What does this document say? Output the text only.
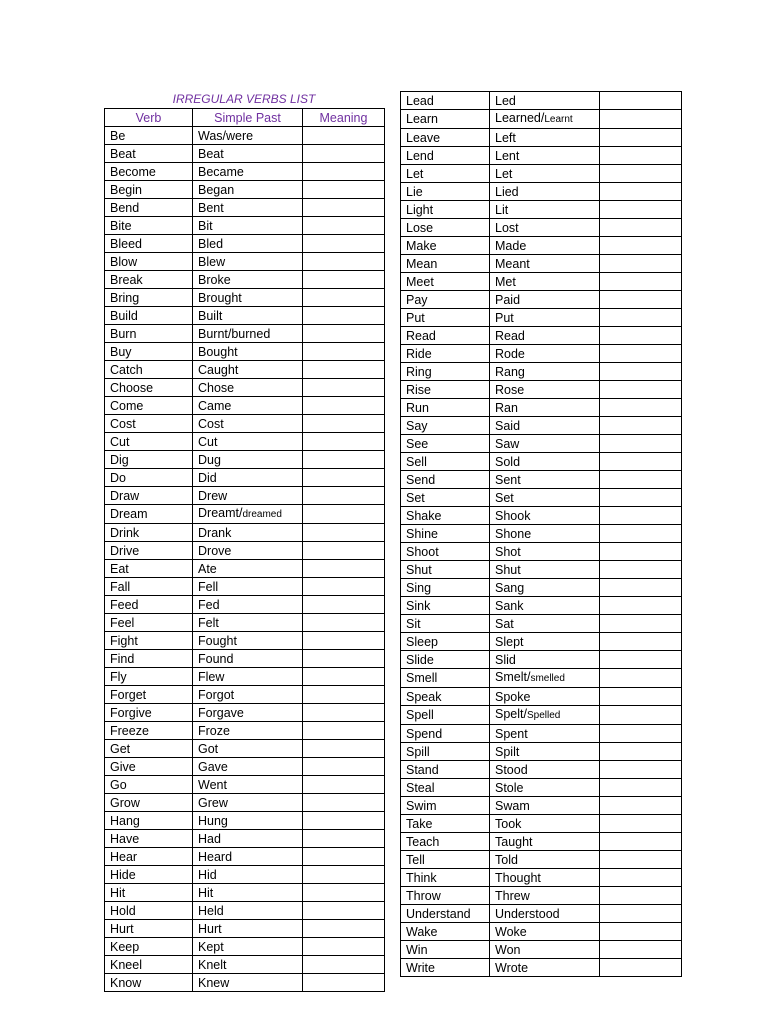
IRREGULAR VERBS LIST
Verb	Simple Past	Meaning
Be	Was/were	
Beat	Beat	
Become	Became	
Begin	Began	
Bend	Bent	
Bite	Bit	
Bleed	Bled	
Blow	Blew	
Break	Broke	
Bring	Brought	
Build	Built	
Burn	Burnt/burned	
Buy	Bought	
Catch	Caught	
Choose	Chose	
Come	Came	
Cost	Cost	
Cut	Cut	
Dig	Dug	
Do	Did	
Draw	Drew	
Dream	Dreamt/dreamed	
Drink	Drank	
Drive	Drove	
Eat	Ate	
Fall	Fell	
Feed	Fed	
Feel	Felt	
Fight	Fought	
Find	Found	
Fly	Flew	
Forget	Forgot	
Forgive	Forgave	
Freeze	Froze	
Get	Got	
Give	Gave	
Go	Went	
Grow	Grew	
Hang	Hung	
Have	Had	
Hear	Heard	
Hide	Hid	
Hit	Hit	
Hold	Held	
Hurt	Hurt	
Keep	Kept	
Kneel	Knelt	
Know	Knew	
Lead	Led	
Learn	Learned/Learnt	
Leave	Left	
Lend	Lent	
Let	Let	
Lie	Lied	
Light	Lit	
Lose	Lost	
Make	Made	
Mean	Meant	
Meet	Met	
Pay	Paid	
Put	Put	
Read	Read	
Ride	Rode	
Ring	Rang	
Rise	Rose	
Run	Ran	
Say	Said	
See	Saw	
Sell	Sold	
Send	Sent	
Set	Set	
Shake	Shook	
Shine	Shone	
Shoot	Shot	
Shut	Shut	
Sing	Sang	
Sink	Sank	
Sit	Sat	
Sleep	Slept	
Slide	Slid	
Smell	Smelt/smelled	
Speak	Spoke	
Spell	Spelt/Spelled	
Spend	Spent	
Spill	Spilt	
Stand	Stood	
Steal	Stole	
Swim	Swam	
Take	Took	
Teach	Taught	
Tell	Told	
Think	Thought	
Throw	Threw	
Understand	Understood	
Wake	Woke	
Win	Won	
Write	Wrote	
